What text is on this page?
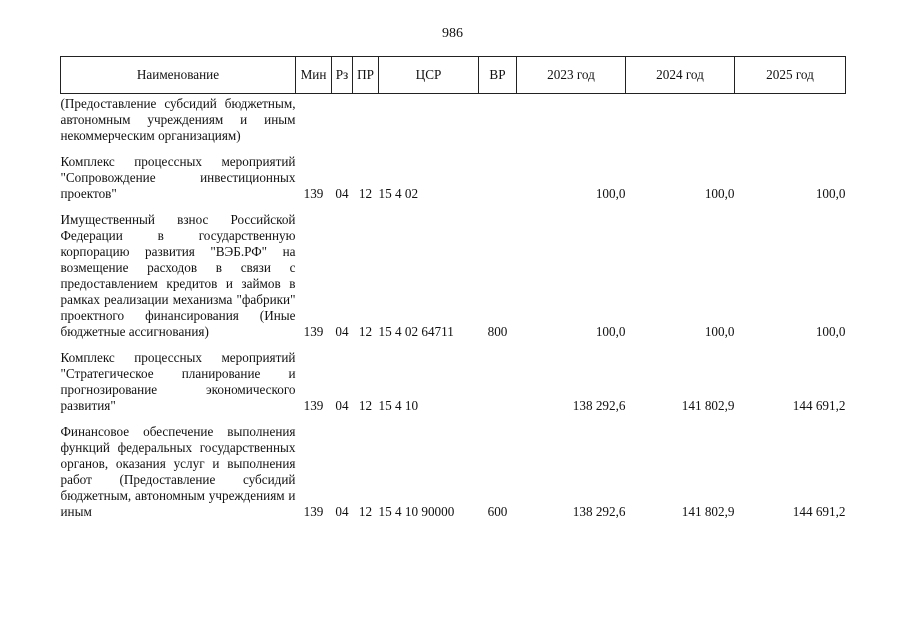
986
Наименование	Мин	Рз	ПР	ЦСР	ВР	2023 год	2024 год	2025 год

(Предоставление субсидий бюджетным, автономным учреждениям и иным некоммерческим организациям)								

Комплекс процессных мероприятий "Сопровождение инвестиционных проектов"	139	04	12	15 4 02		100,0	100,0	100,0

Имущественный взнос Российской Федерации в государственную корпорацию развития "ВЭБ.РФ" на возмещение расходов в связи с предоставлением кредитов и займов в рамках реализации механизма "фабрики" проектного финансирования (Иные бюджетные ассигнования)	139	04	12	15 4 02 64711	800	100,0	100,0	100,0

Комплекс процессных мероприятий "Стратегическое планирование и прогнозирование экономического развития"	139	04	12	15 4 10		138 292,6	141 802,9	144 691,2

Финансовое обеспечение выполнения функций федеральных государственных органов, оказания услуг и выполнения работ (Предоставление субсидий бюджетным, автономным учреждениям и иным	139	04	12	15 4 10 90000	600	138 292,6	141 802,9	144 691,2
